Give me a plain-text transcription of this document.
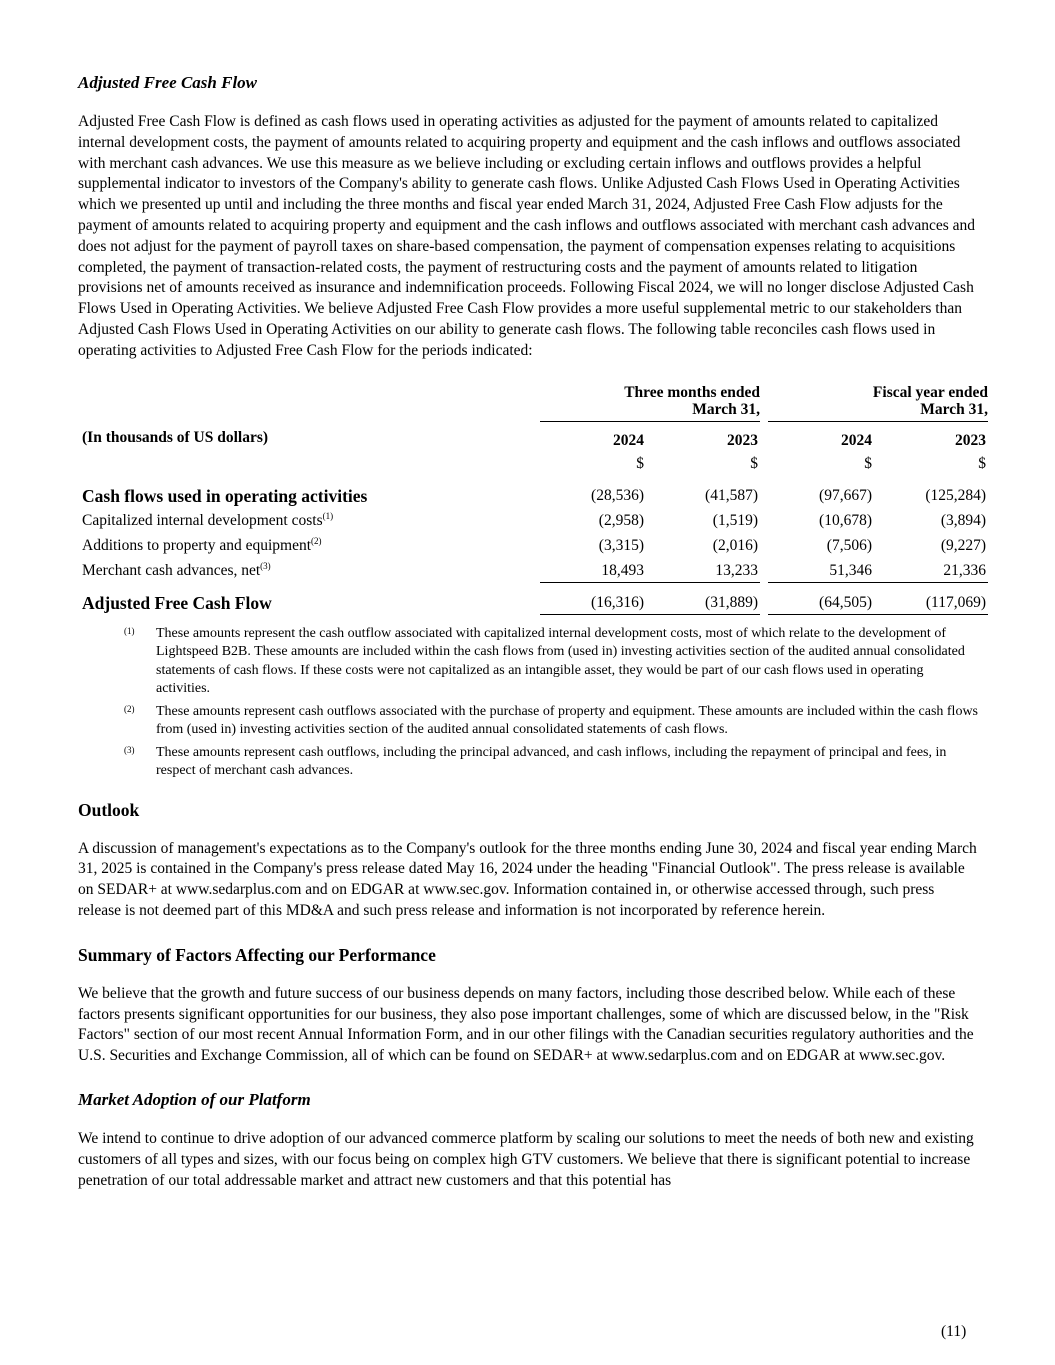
Adjusted Free Cash Flow

Adjusted Free Cash Flow is defined as cash flows used in operating activities as adjusted for the payment of amounts related to capitalized internal development costs, the payment of amounts related to acquiring property and equipment and the cash inflows and outflows associated with merchant cash advances. We use this measure as we believe including or excluding certain inflows and outflows provides a helpful supplemental indicator to investors of the Company's ability to generate cash flows. Unlike Adjusted Cash Flows Used in Operating Activities which we presented up until and including the three months and fiscal year ended March 31, 2024, Adjusted Free Cash Flow adjusts for the payment of amounts related to acquiring property and equipment and the cash inflows and outflows associated with merchant cash advances and does not adjust for the payment of payroll taxes on share-based compensation, the payment of compensation expenses relating to acquisitions completed, the payment of transaction-related costs, the payment of restructuring costs and the payment of amounts related to litigation provisions net of amounts received as insurance and indemnification proceeds. Following Fiscal 2024, we will no longer disclose Adjusted Cash Flows Used in Operating Activities. We believe Adjusted Free Cash Flow provides a more useful supplemental metric to our stakeholders than Adjusted Cash Flows Used in Operating Activities on our ability to generate cash flows. The following table reconciles cash flows used in operating activities to Adjusted Free Cash Flow for the periods indicated:

	Three months ended
March 31,				Fiscal year ended
March 31,		
(In thousands of US dollars)	2024		2023		2024		2023
	$		$		$		$
Cash flows used in operating activities	(28,536)		(41,587)		(97,667)		(125,284)
Capitalized internal development costs$^{(1)}$	(2,958)		(1,519)		(10,678)		(3,894)
Additions to property and equipment$^{(2)}$	(3,315)		(2,016)		(7,506)		(9,227)
Merchant cash advances, net$^{(3)}$	18,493		13,233		51,346		21,336
Adjusted Free Cash Flow	(16,316)		(31,889)		(64,505)		(117,069)
(1)	These amounts represent the cash outflow associated with capitalized internal development costs, most of which relate to the development of Lightspeed B2B. These amounts are included within the cash flows from (used in) investing activities section of the audited annual consolidated statements of cash flows. If these costs were not capitalized as an intangible asset, they would be part of our cash flows used in operating activities.
(2)	These amounts represent cash outflows associated with the purchase of property and equipment. These amounts are included within the cash flows from (used in) investing activities section of the audited annual consolidated statements of cash flows.
(3)	These amounts represent cash outflows, including the principal advanced, and cash inflows, including the repayment of principal and fees, in respect of merchant cash advances.
Outlook

A discussion of management's expectations as to the Company's outlook for the three months ending June 30, 2024 and fiscal year ending March 31, 2025 is contained in the Company's press release dated May 16, 2024 under the heading "Financial Outlook". The press release is available on SEDAR+ at www.sedarplus.com and on EDGAR at www.sec.gov. Information contained in, or otherwise accessed through, such press release is not deemed part of this MD&A and such press release and information is not incorporated by reference herein.

Summary of Factors Affecting our Performance

We believe that the growth and future success of our business depends on many factors, including those described below. While each of these factors presents significant opportunities for our business, they also pose important challenges, some of which are discussed below, in the "Risk Factors" section of our most recent Annual Information Form, and in our other filings with the Canadian securities regulatory authorities and the U.S. Securities and Exchange Commission, all of which can be found on SEDAR+ at www.sedarplus.com and on EDGAR at www.sec.gov.

Market Adoption of our Platform

We intend to continue to drive adoption of our advanced commerce platform by scaling our solutions to meet the needs of both new and existing customers of all types and sizes, with our focus being on complex high GTV customers. We believe that there is significant potential to increase penetration of our total addressable market and attract new customers and that this potential has

(11)
